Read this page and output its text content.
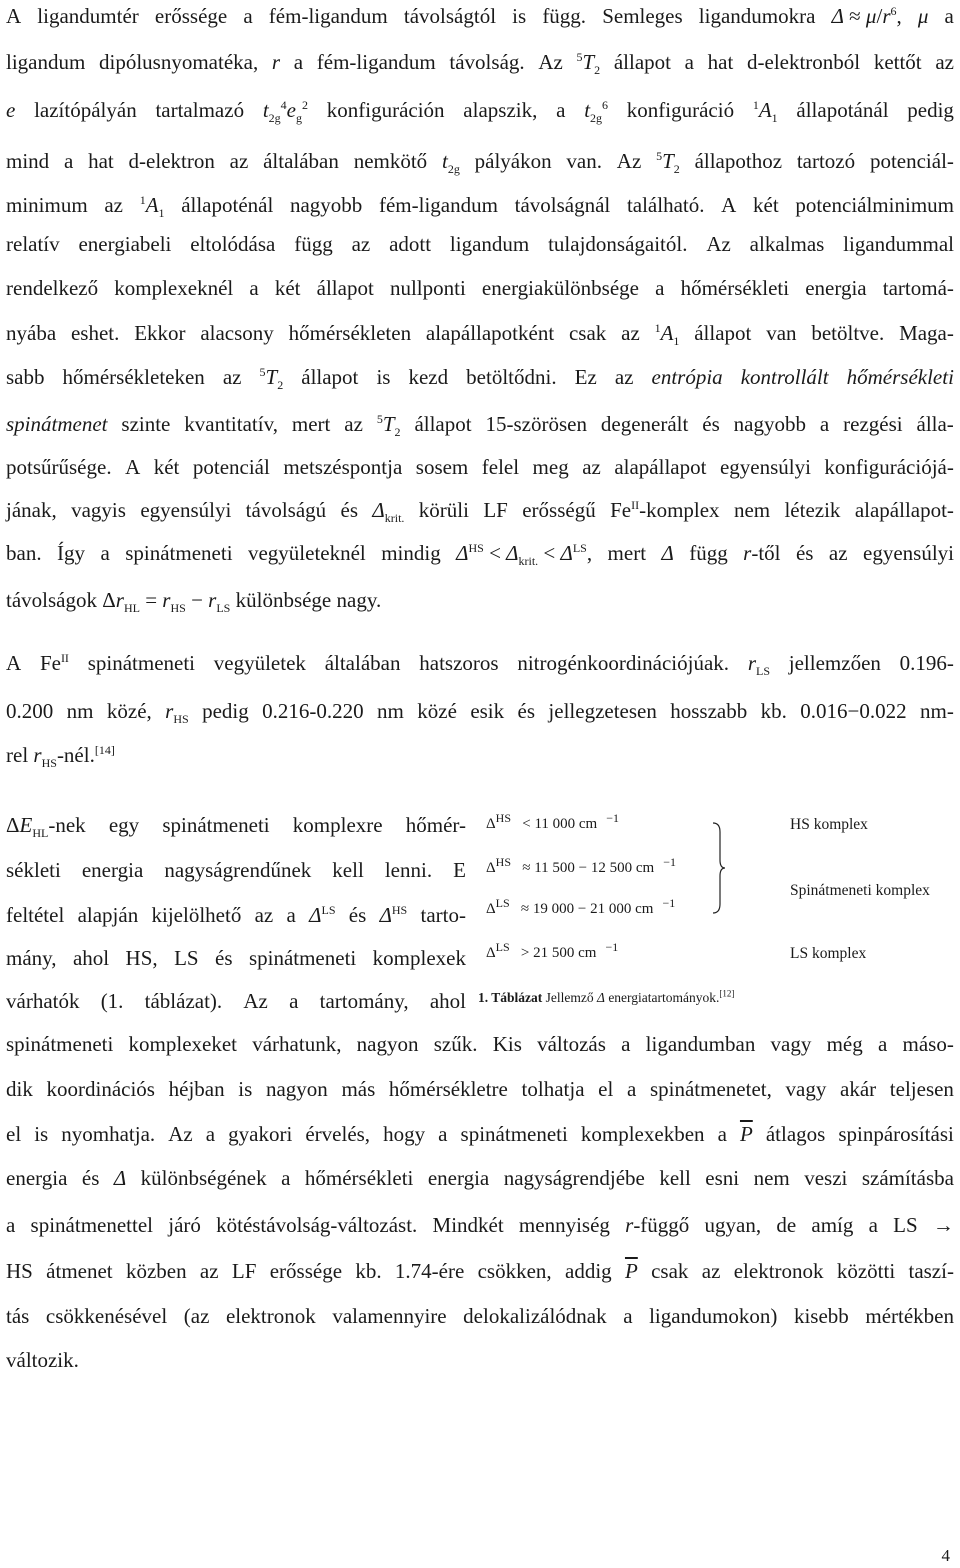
A ligandumtér erőssége a fém-ligandum távolságtól is függ. Semleges ligandumokra $\Delta \approx \mu/r^6$, μ a
ligandum dipólusnyomatéka, r a fém-ligandum távolság. Az $^5T_2$ állapot a hat d-elektronból kettőt az
e lazítópályán tartalmazó $t_{2g}^4e_g^2$ konfiguráción alapszik, a $t_{2g}^6$ konfiguráció $^1A_1$ állapotánál pedig
mind a hat d-elektron az általában nemkötő $t_{2g}$ pályákon van. Az $^5T_2$ állapothoz tartozó potenciál-
minimum az $^1A_1$ állapoténál nagyobb fém-ligandum távolságnál található. A két potenciálminimum
relatív energiabeli eltolódása függ az adott ligandum tulajdonságaitól. Az alkalmas ligandummal
rendelkező komplexeknél a két állapot nullponti energiakülönbsége a hőmérsékleti energia tartomá-
nyába eshet. Ekkor alacsony hőmérsékleten alapállapotként csak az $^1A_1$ állapot van betöltve. Maga-
sabb hőmérsékleteken az $^5T_2$ állapot is kezd betöltődni. Ez az entrópia kontrollált hőmérsékleti
spinátmenet szinte kvantitatív, mert az $^5T_2$ állapot 15-szörösen degenerált és nagyobb a rezgési álla-
potsűrűsége. A két potenciál metszéspontja sosem felel meg az alapállapot egyensúlyi konfigurációjá-
jának, vagyis egyensúlyi távolságú és $\Delta_{krit.}$ körüli LF erősségű $Fe^{II}$-komplex nem létezik alapállapot-
ban. Így a spinátmeneti vegyületeknél mindig $\Delta^{HS} < \Delta_{krit.} < \Delta^{LS}$, mert Δ függ r-től és az egyensúlyi
távolságok $\Delta r_{HL} = r_{HS} - r_{LS}$ különbsége nagy.
A $Fe^{II}$ spinátmeneti vegyületek általában hatszoros nitrogénkoordinációjúak. $r_{LS}$ jellemzően 0.196-
0.200 nm közé, $r_{HS}$ pedig 0.216-0.220 nm közé esik és jellegzetesen hosszabb kb. 0.016−0.022 nm-
rel $r_{HS}-nél.[14]$
$\Delta E_{HL}$-nek egy spinátmeneti komplexre hőmér-
sékleti energia nagyságrendűnek kell lenni. E
feltétel alapján kijelölhető az a $\Delta^{LS}$ és $\Delta^{HS}$ tarto-
mány, ahol HS, LS és spinátmeneti komplexek
várhatók (1. táblázat). Az a tartomány, ahol
$\Delta^{HS} < 11$ 000 cm   $^{-1}$	HS komplex
$\Delta^{HS} \approx 11$ 500 − 12 500 cm   $^{-1}$
$\Delta^{LS} \approx 19$ 000 − 21 000 cm   $^{-1}$
$\Delta^{LS} > 21$ 500 cm   $^{-1}$	LS komplex
Spinátmeneti komplex
1. Táblázat Jellemző Δ energiatartományok.[12]
spinátmeneti komplexeket várhatunk, nagyon szűk. Kis változás a ligandumban vagy még a máso-
dik koordinációs héjban is nagyon más hőmérsékletre tolhatja el a spinátmenetet, vagy akár teljesen
el is nyomhatja. Az a gyakori érvelés, hogy a spinátmeneti komplexekben a $\overline{P}$ átlagos spinpárosítási
energia és Δ különbségének a hőmérsékleti energia nagyságrendjébe kell esni nem veszi számításba
a spinátmenettel járó kötéstávolság-változást. Mindkét mennyiség r-függő ugyan, de amíg a LS →
HS átmenet közben az LF erőssége kb. 1.74-ére csökken, addig $\overline{P}$ csak az elektronok közötti taszí-
tás csökkenésével (az elektronok valamennyire delokalizálódnak a ligandumokon) kisebb mértékben
változik.
4
